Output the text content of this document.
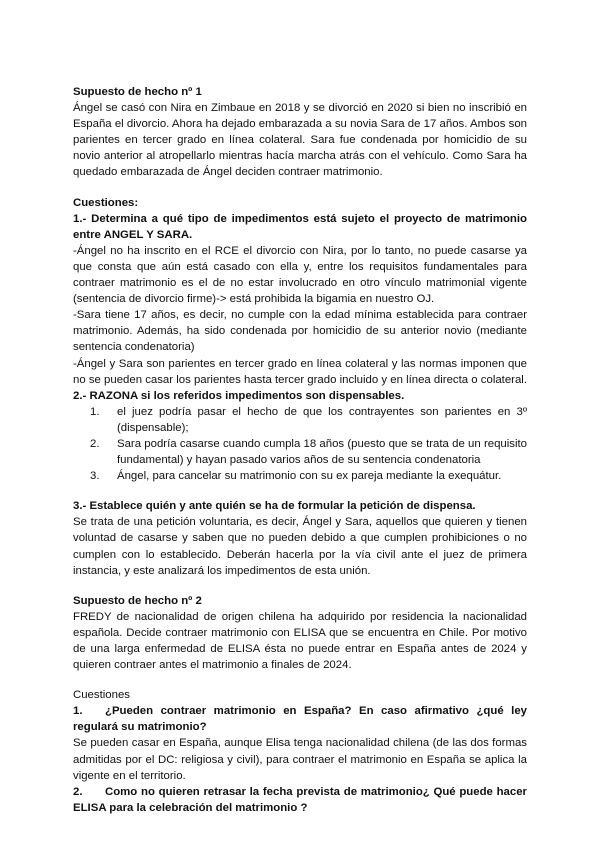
Supuesto de hecho nº 1

Ángel se casó con Nira en Zimbaue en 2018 y se divorció en 2020 si bien no inscribió en España el divorcio. Ahora ha dejado embarazada a su novia Sara de 17 años. Ambos son parientes en tercer grado en línea colateral. Sara fue condenada por homicidio de su novio anterior al atropellarlo mientras hacía marcha atrás con el vehículo. Como Sara ha quedado embarazada de Ángel deciden contraer matrimonio.

Cuestiones:

1.- Determina a qué tipo de impedimentos está sujeto el proyecto de matrimonio entre ANGEL Y SARA.

-Ángel no ha inscrito en el RCE el divorcio con Nira, por lo tanto, no puede casarse ya que consta que aún está casado con ella y, entre los requisitos fundamentales para contraer matrimonio es el de no estar involucrado en otro vínculo matrimonial vigente (sentencia de divorcio firme)-> está prohibida la bigamia en nuestro OJ.

-Sara tiene 17 años, es decir, no cumple con la edad mínima establecida para contraer matrimonio. Además, ha sido condenada por homicidio de su anterior novio (mediante sentencia condenatoria)

-Ángel y Sara son parientes en tercer grado en línea colateral y las normas imponen que no se pueden casar los parientes hasta tercer grado incluido y en línea directa o colateral.

2.- RAZONA si los referidos impedimentos son dispensables.

1.	el juez podría pasar el hecho de que los contrayentes son parientes en 3º (dispensable);
2.	Sara podría casarse cuando cumpla 18 años (puesto que se trata de un requisito fundamental) y hayan pasado varios años de su sentencia condenatoria
3.	Ángel, para cancelar su matrimonio con su ex pareja mediante la exequátur.

3.- Establece quién y ante quién se ha de formular la petición de dispensa.

Se trata de una petición voluntaria, es decir, Ángel y Sara, aquellos que quieren y tienen voluntad de casarse y saben que no pueden debido a que cumplen prohibiciones o no cumplen con lo establecido. Deberán hacerla por la vía civil ante el juez de primera instancia, y este analizará los impedimentos de esta unión.

Supuesto de hecho nº 2

FREDY de nacionalidad de origen chilena ha adquirido por residencia la nacionalidad española. Decide contraer matrimonio con ELISA que se encuentra en Chile. Por motivo de una larga enfermedad de ELISA ésta no puede entrar en España antes de 2024 y quieren contraer antes el matrimonio a finales de 2024.

Cuestiones

1. ¿Pueden contraer matrimonio en España? En caso afirmativo ¿qué ley regulará su matrimonio?

Se pueden casar en España, aunque Elisa tenga nacionalidad chilena (de las dos formas admitidas por el DC: religiosa y civil), para contraer el matrimonio en España se aplica la vigente en el territorio.

2. Como no quieren retrasar la fecha prevista de matrimonio¿ Qué puede hacer ELISA para la celebración del matrimonio ?
